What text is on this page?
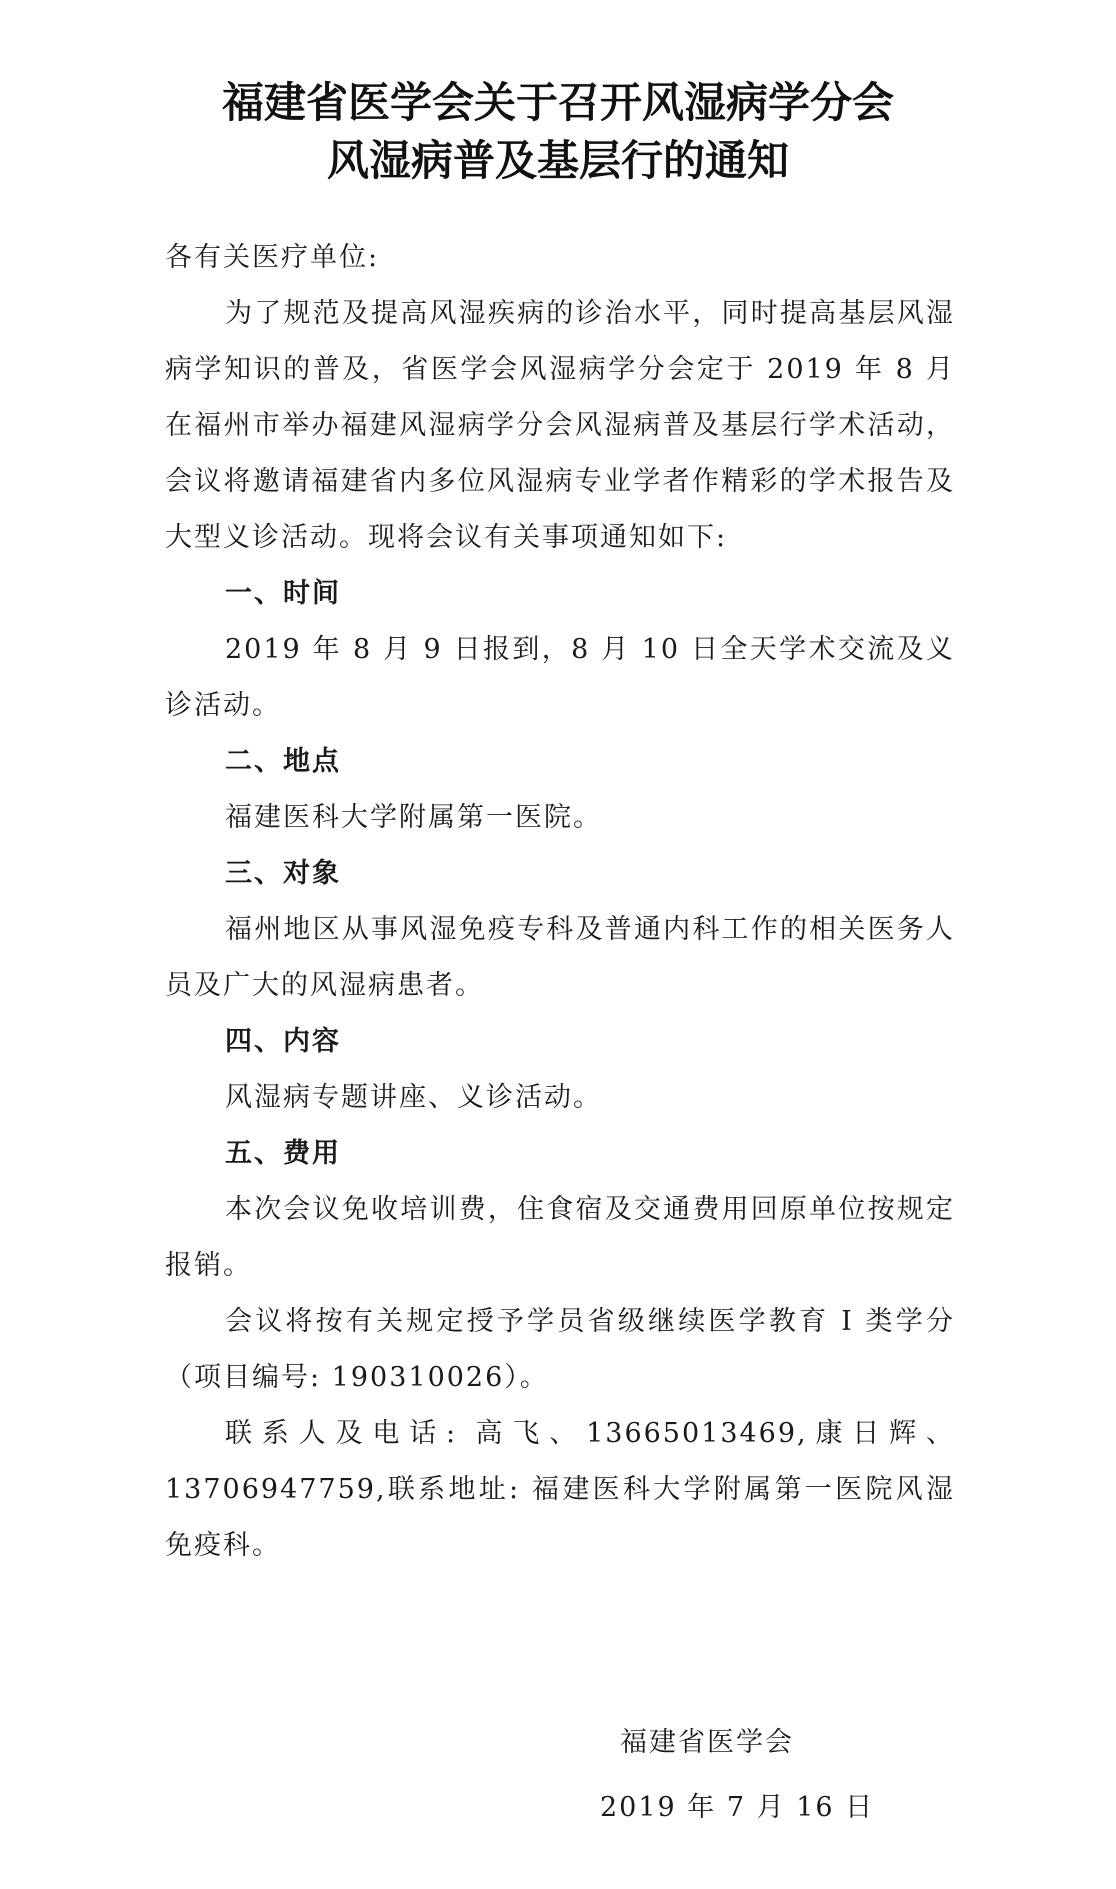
福建省医学会关于召开风湿病学分会
风湿病普及基层行的通知

各有关医疗单位:

为了规范及提高风湿疾病的诊治水平，同时提高基层风湿病学知识的普及，省医学会风湿病学分会定于 2019 年 8 月在福州市举办福建风湿病学分会风湿病普及基层行学术活动，会议将邀请福建省内多位风湿病专业学者作精彩的学术报告及大型义诊活动。现将会议有关事项通知如下:

一、时间

2019 年 8 月 9 日报到，8 月 10 日全天学术交流及义诊活动。

二、地点

福建医科大学附属第一医院。

三、对象

福州地区从事风湿免疫专科及普通内科工作的相关医务人员及广大的风湿病患者。

四、内容

风湿病专题讲座、义诊活动。

五、费用

本次会议免收培训费，住食宿及交通费用回原单位按规定报销。

会议将按有关规定授予学员省级继续医学教育 I 类学分（项目编号: 190310026）。

联系人及电话: 高飞、13665013469,康日辉、13706947759,联系地址: 福建医科大学附属第一医院风湿免疫科。

福建省医学会
2019 年 7 月 16 日
